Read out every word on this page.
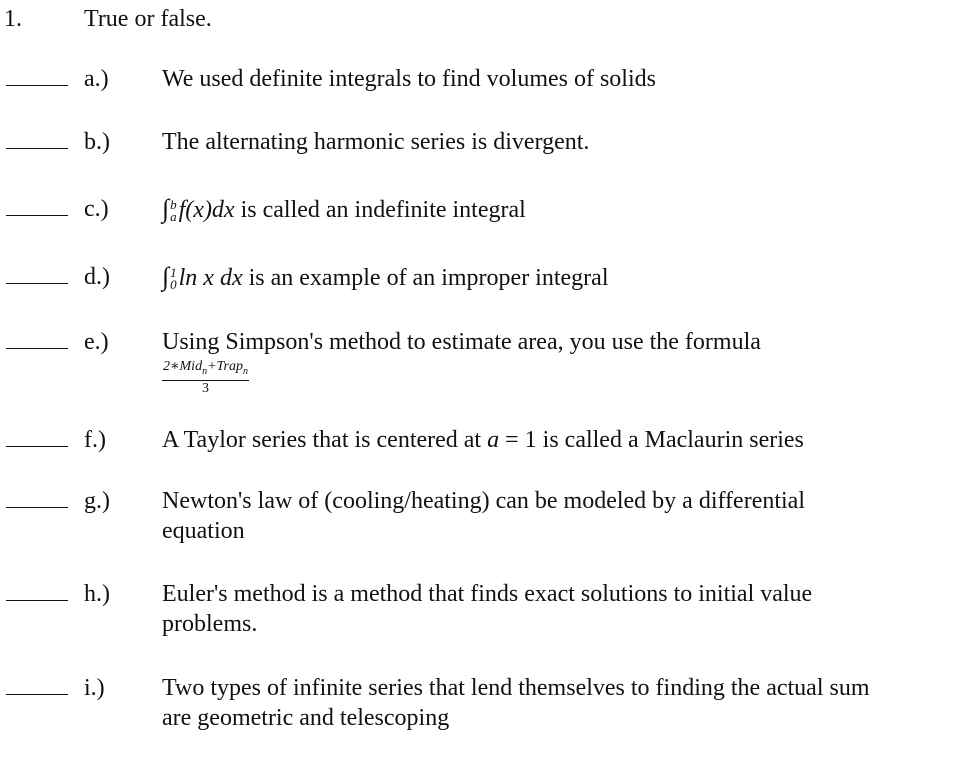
1.	True or false.
a.) We used definite integrals to find volumes of solids
b.) The alternating harmonic series is divergent.
c.) ∫ b
a f(x)dx is called an indefinite integral
d.) ∫ 1
0 ln x dx is an example of an improper integral
e.) Using Simpson's method to estimate area, you use the formula
$\frac{2∗Mid_n+Trap_n}{3}$
f.) A Taylor series that is centered at a = 1 is called a Maclaurin series
g.) Newton's law of (cooling/heating) can be modeled by a differential
equation
h.) Euler's method is a method that finds exact solutions to initial value
problems.
i.) Two types of infinite series that lend themselves to finding the actual sum
are geometric and telescoping
